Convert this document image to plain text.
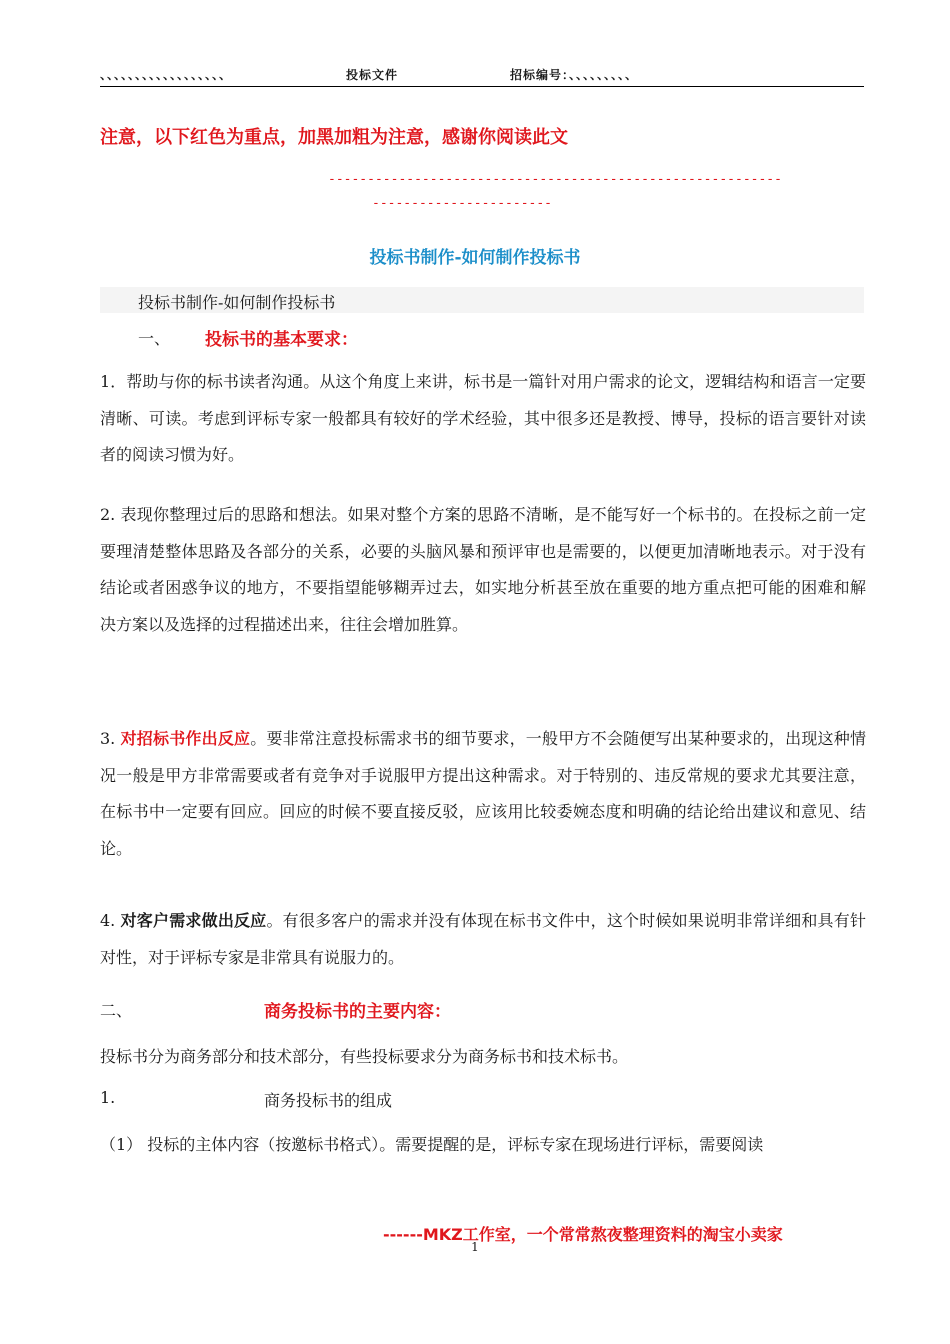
、、、、、、、、、、、、、、、、、、	投标文件	招标编号：、、、、、、、、、
注意，以下红色为重点，加黑加粗为注意，感谢你阅读此文
----------------------------------------------------------
-----------------------
投标书制作-如何制作投标书
投标书制作-如何制作投标书
一、 投标书的基本要求：
1．帮助与你的标书读者沟通。从这个角度上来讲，标书是一篇针对用户需求的论文，逻辑结构和语言一定要清晰、可读。考虑到评标专家一般都具有较好的学术经验，其中很多还是教授、博导，投标的语言要针对读者的阅读习惯为好。
2. 表现你整理过后的思路和想法。如果对整个方案的思路不清晰，是不能写好一个标书的。在投标之前一定要理清楚整体思路及各部分的关系，必要的头脑风暴和预评审也是需要的，以便更加清晰地表示。对于没有结论或者困惑争议的地方，不要指望能够糊弄过去，如实地分析甚至放在重要的地方重点把可能的困难和解决方案以及选择的过程描述出来，往往会增加胜算。
3. 对招标书作出反应。要非常注意投标需求书的细节要求，一般甲方不会随便写出某种要求的，出现这种情况一般是甲方非常需要或者有竞争对手说服甲方提出这种需求。对于特别的、违反常规的要求尤其要注意，在标书中一定要有回应。回应的时候不要直接反驳，应该用比较委婉态度和明确的结论给出建议和意见、结论。
4. 对客户需求做出反应。有很多客户的需求并没有体现在标书文件中，这个时候如果说明非常详细和具有针对性，对于评标专家是非常具有说服力的。
二、	商务投标书的主要内容：
投标书分为商务部分和技术部分，有些投标要求分为商务标书和技术标书。
1.	商务投标书的组成
（1） 投标的主体内容（按邀标书格式）。需要提醒的是，评标专家在现场进行评标，需要阅读
------MKZ工作室，一个常常熬夜整理资料的淘宝小卖家
1
